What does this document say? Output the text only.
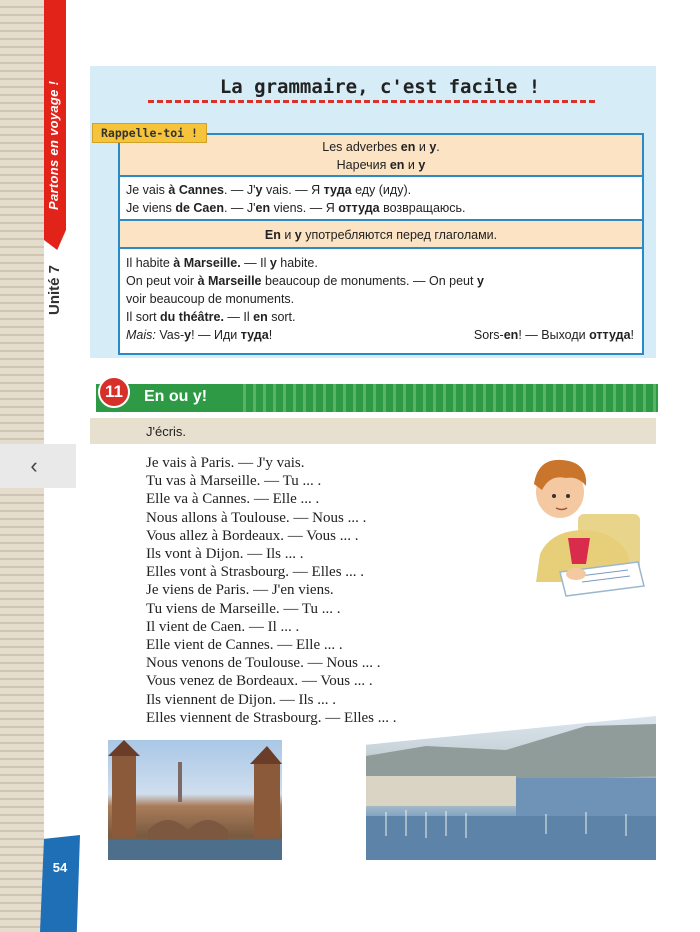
Partons en voyage !
Unité 7
‹
54
La grammaire, c'est facile !
Les adverbes en и y.
Наречия en и y
Je vais à Cannes. — J'y vais. — Я туда еду (иду).
Je viens de Caen. — J'en viens. — Я оттуда возвращаюсь.
En и y употребляются перед глаголами.
Il habite à Marseille. — Il y habite.
On peut voir à Marseille beaucoup de monuments. — On peut y
voir beaucoup de monuments.
Il sort du théâtre. — Il en sort.
Mais: Vas-y! — Иди туда!	Sors-en! — Выходи оттуда!
Rappelle-toi !
11	En ou y!
J'écris.
Je vais à Paris. — J'y vais.
Tu vas à Marseille. — Tu ... .
Elle va à Cannes. — Elle ... .
Nous allons à Toulouse. — Nous ... .
Vous allez à Bordeaux. — Vous ... .
Ils vont à Dijon. — Ils ... .
Elles vont à Strasbourg. — Elles ... .
Je viens de Paris. — J'en viens.
Tu viens de Marseille. — Tu ... .
Il vient de Caen. — Il ... .
Elle vient de Cannes. — Elle ... .
Nous venons de Toulouse. — Nous ... .
Vous venez de Bordeaux. — Vous ... .
Ils viennent de Dijon. — Ils ... .
Elles viennent de Strasbourg. — Elles ... .
